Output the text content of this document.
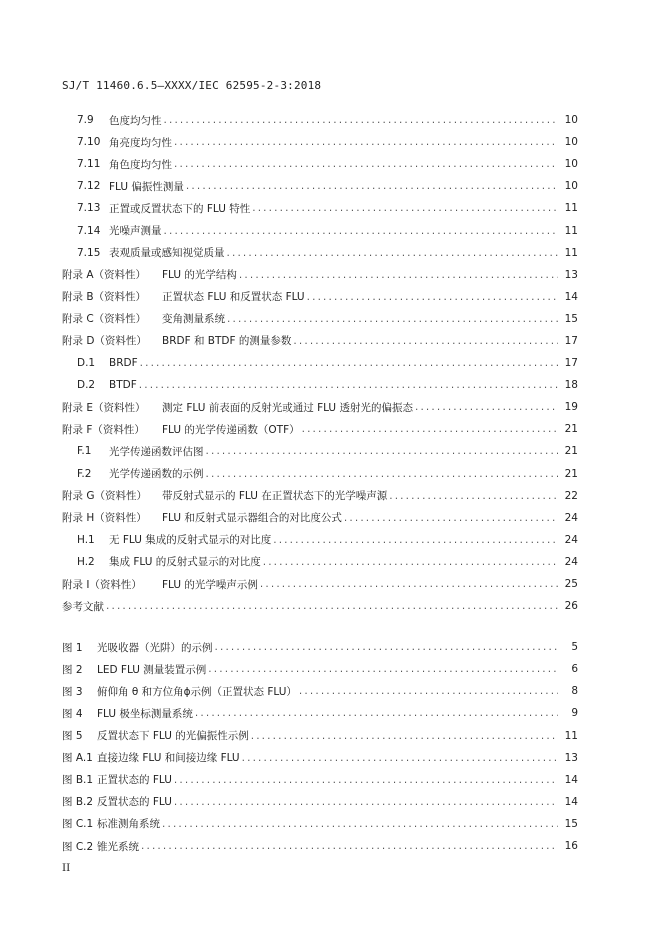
SJ/T 11460.6.5—XXXX/IEC 62595-2-3:2018
7.9	色度均匀性 . . .	10
7.10 角亮度均匀性 . . .	10
7.11 角色度均匀性 . . .	10
7.12 FLU 偏振性测量 . . .	10
7.13 正置或反置状态下的 FLU 特性 . . .	11
7.14 光噪声测量 . . .	11
7.15 表观质量或感知视觉质量 . . .	11
附录 A（资料性）	FLU 的光学结构 . . .	13
附录 B（资料性）	正置状态 FLU 和反置状态 FLU . . .	14
附录 C（资料性）	变角测量系统 . . .	15
附录 D（资料性）	BRDF 和 BTDF 的测量参数 . . .	17
D.1	BRDF . . .	17
D.2	BTDF . . .	18
附录 E（资料性）	测定 FLU 前表面的反射光或通过 FLU 透射光的偏振态 . . .	19
附录 F（资料性）	FLU 的光学传递函数（OTF） . . .	21
F.1	光学传递函数评估图 . . .	21
F.2	光学传递函数的示例 . . .	21
附录 G（资料性）	带反射式显示的 FLU 在正置状态下的光学噪声源 . . .	22
附录 H（资料性）	FLU 和反射式显示器组合的对比度公式 . . .	24
H.1	无 FLU 集成的反射式显示的对比度 . . .	24
H.2	集成 FLU 的反射式显示的对比度 . . .	24
附录 I（资料性）	FLU 的光学噪声示例 . . .	25
参考文献 . . .	26
图 1	光吸收器（光阱）的示例 . . .	5
图 2	LED FLU 测量装置示例 . . .	6
图 3	俯仰角 θ 和方位角ϕ示例（正置状态 FLU） . . .	8
图 4	FLU 极坐标测量系统 . . .	9
图 5	反置状态下 FLU 的光偏振性示例 . . .	11
图 A.1 直接边缘 FLU 和间接边缘 FLU . . .	13
图 B.1 正置状态的 FLU . . .	14
图 B.2 反置状态的 FLU . . .	14
图 C.1 标准测角系统 . . .	15
图 C.2 锥光系统 . . .	16
II
